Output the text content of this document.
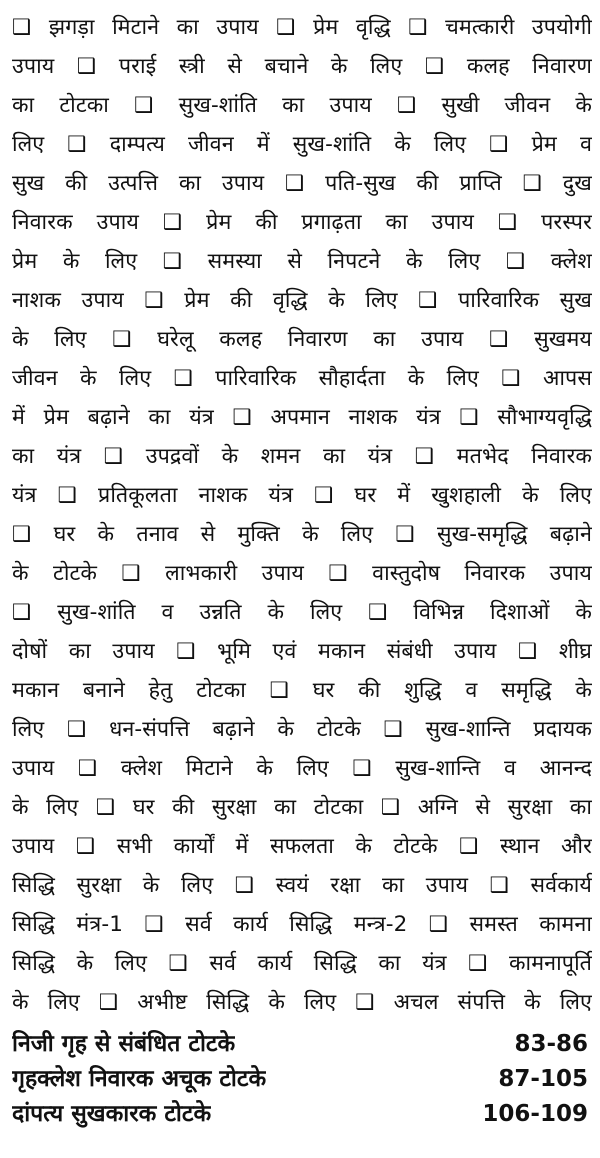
❑ झगड़ा मिटाने का उपाय ❑ प्रेम वृद्धि ❑ चमत्कारी उपयोगी
उपाय ❑ पराई स्त्री से बचाने के लिए ❑ कलह निवारण
का टोटका ❑ सुख-शांति का उपाय ❑ सुखी जीवन के
लिए ❑ दाम्पत्य जीवन में सुख-शांति के लिए ❑ प्रेम व
सुख की उत्पत्ति का उपाय ❑ पति-सुख की प्राप्ति ❑ दुख
निवारक उपाय ❑ प्रेम की प्रगाढ़ता का उपाय ❑ परस्पर
प्रेम के लिए ❑ समस्या से निपटने के लिए ❑ क्लेश
नाशक उपाय ❑ प्रेम की वृद्धि के लिए ❑ पारिवारिक सुख
के लिए ❑ घरेलू कलह निवारण का उपाय ❑ सुखमय
जीवन के लिए ❑ पारिवारिक सौहार्दता के लिए ❑ आपस
में प्रेम बढ़ाने का यंत्र ❑ अपमान नाशक यंत्र ❑ सौभाग्यवृद्धि
का यंत्र ❑ उपद्रवों के शमन का यंत्र ❑ मतभेद निवारक
यंत्र ❑ प्रतिकूलता नाशक यंत्र ❑ घर में खुशहाली के लिए
❑ घर के तनाव से मुक्ति के लिए ❑ सुख-समृद्धि बढ़ाने
के टोटके ❑ लाभकारी उपाय ❑ वास्तुदोष निवारक उपाय
❑ सुख-शांति व उन्नति के लिए ❑ विभिन्न दिशाओं के
दोषों का उपाय ❑ भूमि एवं मकान संबंधी उपाय ❑ शीघ्र
मकान बनाने हेतु टोटका ❑ घर की शुद्धि व समृद्धि के
लिए ❑ धन-संपत्ति बढ़ाने के टोटके ❑ सुख-शान्ति प्रदायक
उपाय ❑ क्लेश मिटाने के लिए ❑ सुख-शान्ति व आनन्द
के लिए ❑ घर की सुरक्षा का टोटका ❑ अग्नि से सुरक्षा का
उपाय ❑ सभी कार्यों में सफलता के टोटके ❑ स्थान और
सिद्धि सुरक्षा के लिए ❑ स्वयं रक्षा का उपाय ❑ सर्वकार्य
सिद्धि मंत्र-1 ❑ सर्व कार्य सिद्धि मन्त्र-2 ❑ समस्त कामना
सिद्धि के लिए ❑ सर्व कार्य सिद्धि का यंत्र ❑ कामनापूर्ति
के लिए ❑ अभीष्ट सिद्धि के लिए ❑ अचल संपत्ति के लिए
निजी गृह से संबंधित टोटके	83-86
गृहक्लेश निवारक अचूक टोटके	87-105
दांपत्य सुखकारक टोटके	106-109
